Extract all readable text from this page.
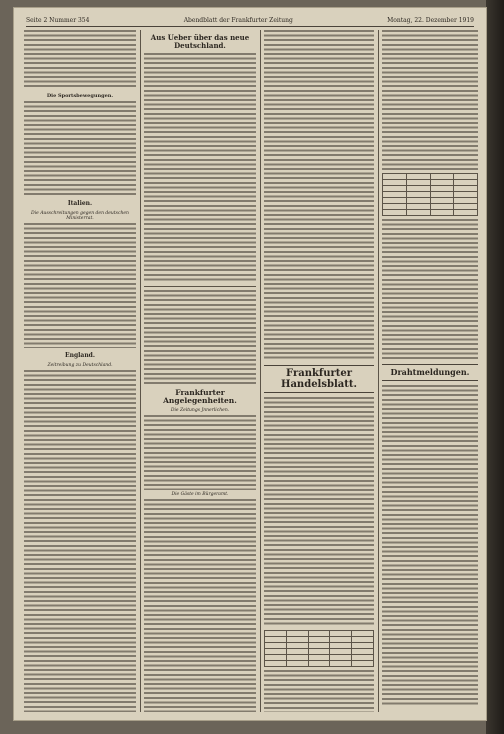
Seite 2 Nummer 354	Abendblatt der Frankfurter Zeitung	Montag, 22. Dezember 1919
Die Sportsbewegungen.
Italien.
Die Ausschreitungen gegen den deutschen Ministerrat.
England.
Zeitreibung zu Deutschland.
Aus Ueber über das neue Deutschland.
Frankfurter Angelegenheiten.
Die Zeitungs Jnnerlichen.
Die Gäste im Bürgeramt.
Frankfurter Handelsblatt.

Drahtmeldungen.
